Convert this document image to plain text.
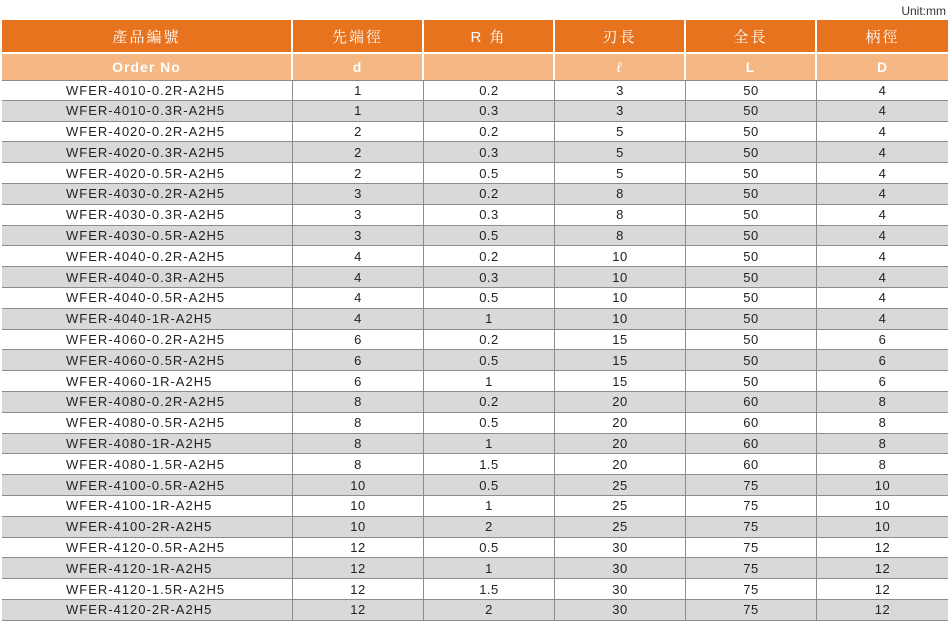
Unit:mm
產品編號	先端徑	R 角	刃長	全長	柄徑
Order No	d		ℓ	L	D
WFER-4010-0.2R-A2H5	1	0.2	3	50	4
WFER-4010-0.3R-A2H5	1	0.3	3	50	4
WFER-4020-0.2R-A2H5	2	0.2	5	50	4
WFER-4020-0.3R-A2H5	2	0.3	5	50	4
WFER-4020-0.5R-A2H5	2	0.5	5	50	4
WFER-4030-0.2R-A2H5	3	0.2	8	50	4
WFER-4030-0.3R-A2H5	3	0.3	8	50	4
WFER-4030-0.5R-A2H5	3	0.5	8	50	4
WFER-4040-0.2R-A2H5	4	0.2	10	50	4
WFER-4040-0.3R-A2H5	4	0.3	10	50	4
WFER-4040-0.5R-A2H5	4	0.5	10	50	4
WFER-4040-1R-A2H5	4	1	10	50	4
WFER-4060-0.2R-A2H5	6	0.2	15	50	6
WFER-4060-0.5R-A2H5	6	0.5	15	50	6
WFER-4060-1R-A2H5	6	1	15	50	6
WFER-4080-0.2R-A2H5	8	0.2	20	60	8
WFER-4080-0.5R-A2H5	8	0.5	20	60	8
WFER-4080-1R-A2H5	8	1	20	60	8
WFER-4080-1.5R-A2H5	8	1.5	20	60	8
WFER-4100-0.5R-A2H5	10	0.5	25	75	10
WFER-4100-1R-A2H5	10	1	25	75	10
WFER-4100-2R-A2H5	10	2	25	75	10
WFER-4120-0.5R-A2H5	12	0.5	30	75	12
WFER-4120-1R-A2H5	12	1	30	75	12
WFER-4120-1.5R-A2H5	12	1.5	30	75	12
WFER-4120-2R-A2H5	12	2	30	75	12
